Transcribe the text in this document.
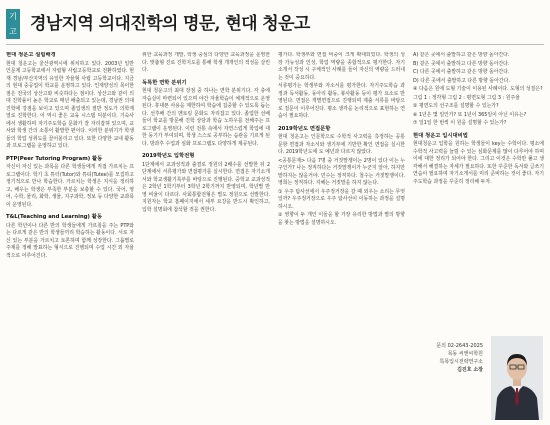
기
고 경남지역 의대진학의 명문, 현대 청운고
현대 청운고 설립배경

현대 청운고는 울산광역시에 위치하고 있다. 2003년 일반 인문계 고등학교에서 자립형 사립고등학교로 전환하였다. 현재 경남/부산지역의 유일한 자율형 사립 고등학교이다. 지금의 현대 중공업이 학교를 운영하고 있다. 인재양성의 목이한 점은 전국의 상산고와 비슷하다는 점이다. 상산고와 같이 의대 진학률이 높은 학교로 매년 배출되고 있는데, 경남권 의대 진학에 강점을 보이고 있으며 졸업생의 절반 정도가 의학계열로 진학한다. 이 역시 좋은 교육 시스템 덕분이다. 기숙사에서 생활하며 자기주도학습 문화가 잘 자리잡혀 있으며, 교사와 학생 간의 소통이 활발한 편이다. 이러한 분위기가 학생들의 학업 성취도를 끌어올리고 있다. 또한 다양한 교내 활동과 프로그램을 운영하고 있다.

PTP(Peer Tutoring Program) 활동

자신이 자신 있는 과목을 다른 학생들에게 직접 가르치는 프로그램이다. 학기 초 튜터(Tutor)와 튜티(Tutee)를 모집하고 정기적으로 만나 학습한다. 가르치는 학생은 지식을 정리하고, 배우는 학생은 부족한 부분을 보충할 수 있다. 국어, 영어, 수학, 물리, 화학, 생물, 지구과학, 정보 등 다양한 교과목이 운영된다.

T&L(Teaching and Learning) 활동

다른 학년이나 다른 반의 학생들에게 가르침을 주는 PTP와는 다르게 같은 반의 학생들끼리 학습하는 활동이다. 서로 자신 있는 부분을 가르치고 토론하며 함께 성장한다. 그룹별로 주제를 정해 발표하는 형식으로 진행되며 수업 시간 외 자율적으로 이루어진다.

위한 교육과정 개발, 학생 중심의 다양한 교육과정을 운영한다. 맞춤형 진로 진학지도를 통해 학생 개개인의 적성을 살린다.

독특한 면학 분위기

현대 청운고의 최대 장점 중 하나는 면학 분위기다. 각 층에 자습실이 마련되어 있으며 야간 자율학습이 체계적으로 운영된다. 휴대폰 사용을 제한하여 학습에 집중할 수 있도록 돕는다. 선후배 간의 멘토링 문화도 자리잡고 있다. 졸업한 선배들이 학교를 방문해 진학 상담과 학습 노하우를 전해주는 프로그램이 운영된다. 이런 전통 속에서 자연스럽게 학업에 대한 동기가 부여되며, 학생 스스로 공부하는 습관을 기르게 된다. 방과후 수업과 심화 프로그램도 다양하게 제공된다.

2019학년도 입학전형

1단계에서 교과성적과 출결로 정원의 2배수를 선발한 뒤 2단계에서 서류평가와 면접평가를 실시한다. 면접은 자기소개서와 학교생활기록부를 바탕으로 진행된다. 중학교 교과성적은 2학년 1학기부터 3학년 2학기까지 반영되며, 학년별 반영 비율이 다르다. 사회통합전형은 별도 정원으로 선발한다. 지원자는 학교 홈페이지에서 세부 요강을 반드시 확인하고, 입학 설명회에 참석할 것을 권한다.

평가다. 학생부와 면접 비중이 크게 확대되었다. 학생의 성장 가능성과 인성, 학업 역량을 종합적으로 평가한다. 자기소개서 작성 시 구체적인 사례를 들어 자신의 역량을 드러내는 것이 중요하다.

서류평가는 학생부와 자소서를 평가한다. 자기주도학습 과정과 독서활동, 동아리 활동, 봉사활동 등이 평가 요소로 반영된다. 면접은 개별면접으로 진행되며 제출 서류를 바탕으로 질문이 이루어진다. 평소 생각을 논리적으로 표현하는 연습이 필요하다.

2019학년도 면접문항

현대 청운고는 인문학으로 수학적 사고력을 측정하는 공통문항 면접과 자소서와 생기부에 기반한 확인 면접을 실시한다. 2019학년도에 도 예년과 다르지 않았다.

<공통문제> 다음 7명 중 거짓말쟁이는 2명이 있다 이는 누구인가? 나는 정직하다는 거짓말쟁이가 누군지 알아, 하지만 말하지는 않을거야. 민수는 정직하다. 철수는 거짓말쟁이다. 영희는 정직하다. 지혜는 거짓말을 하지 않는다.

① 우주 탐사선에서 우주정거장을 갈 때 외우는 소리는 무엇일까? 우주정거장으로 우주 탐사선이 이동하는 과정을 설명하시오.

② 영향이 두 개인 이들을 할 가장 유리한 방법과 별의 방향을 찾는 방법을 설명하시오.

A) 같은 곳에서 출발하고 같은 방향 돌아간다.

B) 같은 곳에서 출발하고 다른 방향 돌아간다.

C) 다른 곳에서 출발하고 같은 방향 돌아간다.

D) 다른 곳에서 출발하고 다른 방향 돌아간다.

④ 다음은 원에 도형 기술이 이용된 사례이다. 도형의 성질은?

그림 1 : 정각형 그림 2 : 평면도형 그림 3 : 원주율

⑤ 평면도의 선구조를 설명할 수 있는가?

⑥ 1년은 몇 일인가? 또 1년이 365일이 아닌 이유는?

⑦ 일1일 한 번씩 이 원을 설명할 수 있는가?

현대 청운고 입시대비법

현대청운고 입학을 원하는 학생들이 key는 수학이다. 평소에 수학적 사고력을 늘릴 수 있는 심화문제를 많이 다루어야 하며 이에 대한 정리가 되어야 한다. 그리고 이것은 수학만 풀고 생각해서 해결하는 자세가 필요하다. 또한 꾸준한 독서와 글쓰기 연습이 필요하며 자기소개서를 미리 준비하는 것이 좋다. 자기주도학습 과정을 꾸준히 정리해 두자.

문의 02-2643-2025
목동 씨앤씨학원
특목입시전략연구소
김진호 소장
